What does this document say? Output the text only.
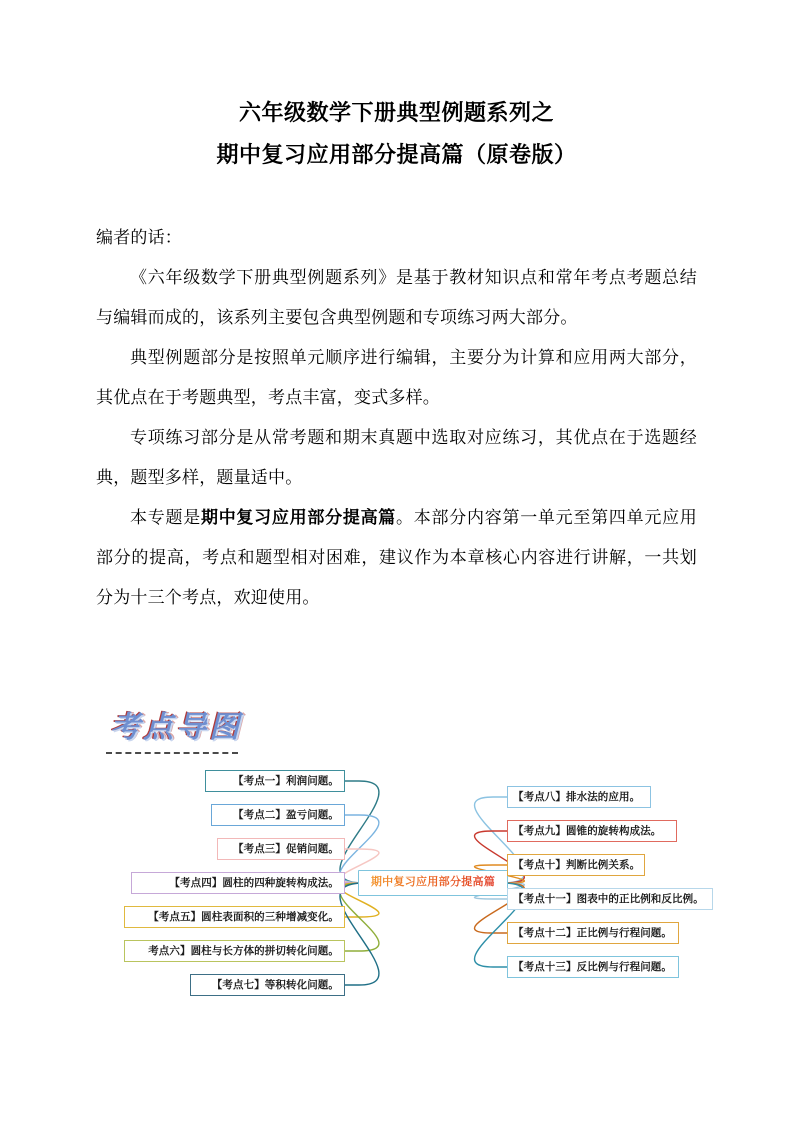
六年级数学下册典型例题系列之
期中复习应用部分提高篇（原卷版）

编者的话：

《六年级数学下册典型例题系列》是基于教材知识点和常年考点考题总结与编辑而成的，该系列主要包含典型例题和专项练习两大部分。

典型例题部分是按照单元顺序进行编辑，主要分为计算和应用两大部分，其优点在于考题典型，考点丰富，变式多样。

专项练习部分是从常考题和期末真题中选取对应练习，其优点在于选题经典，题型多样，题量适中。

本专题是期中复习应用部分提高篇。本部分内容第一单元至第四单元应用部分的提高，考点和题型相对困难，建议作为本章核心内容进行讲解，一共划分为十三个考点，欢迎使用。

考点导图
期中复习应用部分提高篇
【考点一】利润问题。
【考点二】盈亏问题。
【考点三】促销问题。
【考点四】圆柱的四种旋转构成法。
【考点五】圆柱表面积的三种增减变化。
考点六】圆柱与长方体的拼切转化问题。
【考点七】等积转化问题。
【考点八】排水法的应用。
【考点九】圆锥的旋转构成法。
【考点十】判断比例关系。
【考点十一】图表中的正比例和反比例。
【考点十二】正比例与行程问题。
【考点十三】反比例与行程问题。
